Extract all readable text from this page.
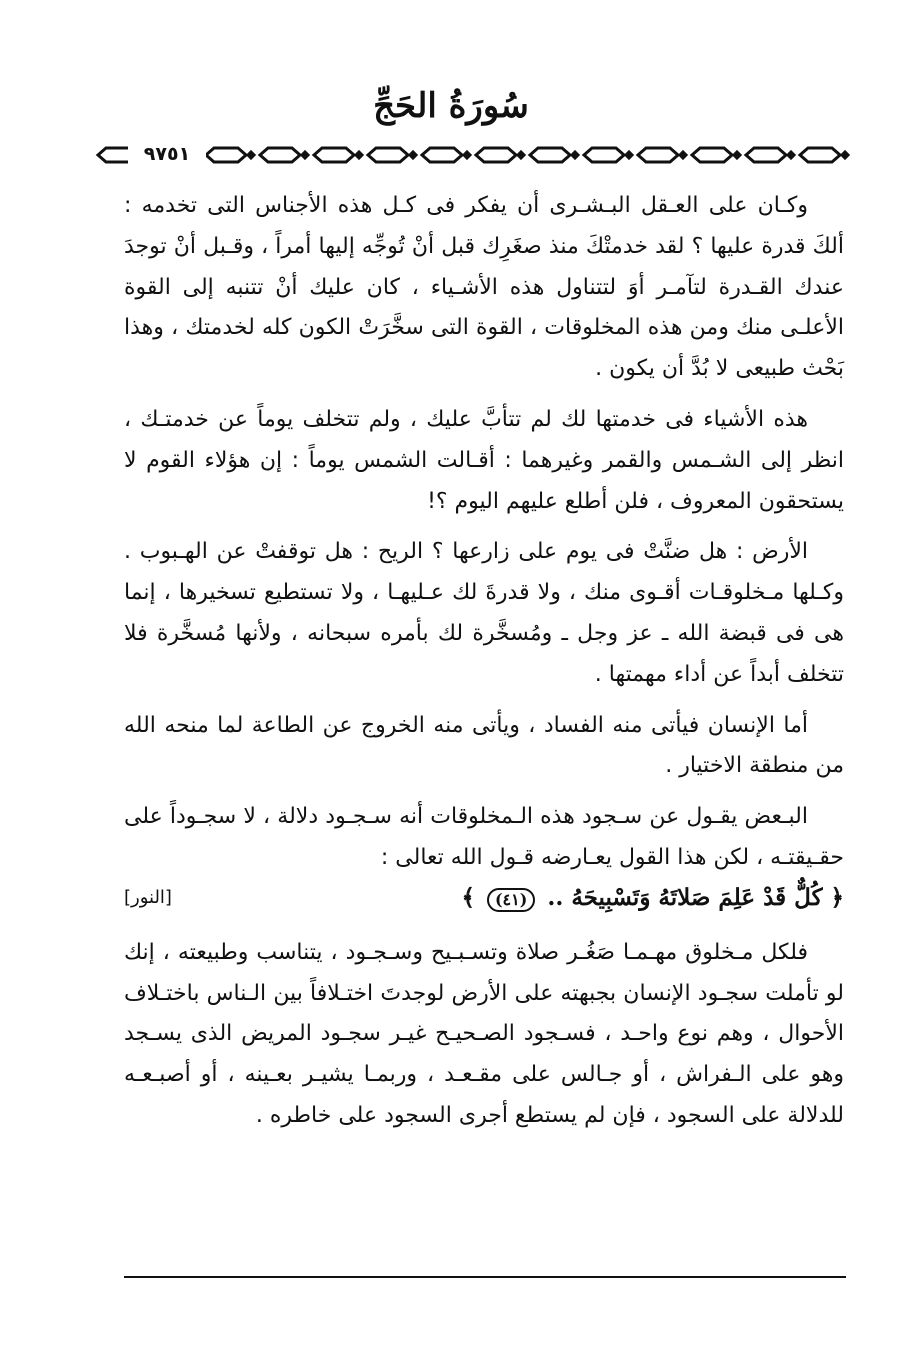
سُورَةُ الحَجِّ
٩٧٥١

وكـان على العـقل البـشـرى أن يفكر فى كـل هذه الأجناس التى تخدمه : ألكَ قدرة عليها ؟ لقد خدمتْكَ منذ صغَرِك قبل أنْ تُوجِّه إليها أمراً ، وقـبل أنْ توجدَ عندك القـدرة لتآمـر أوَ لتتناول هذه الأشـياء ، كان عليك أنْ تتنبه إلى القوة الأعلـى منك ومن هذه المخلوقات ، القوة التى سخَّرَتْ الكون كله لخدمتك ، وهذا بَحْث طبيعى لا بُدَّ أن يكون .

هذه الأشياء فى خدمتها لك لم تتأبَّ عليك ، ولم تتخلف يوماً عن خدمتـك ، انظر إلى الشـمس والقمر وغيرهما : أقـالت الشمس يوماً : إن هؤلاء القوم لا يستحقون المعروف ، فلن أطلع عليهم اليوم ؟!

الأرض : هل ضنَّتْ فى يوم على زارعها ؟ الريح : هل توقفتْ عن الهـبوب . وكـلها مـخلوقـات أقـوى منك ، ولا قدرةَ لك عـليهـا ، ولا تستطيع تسخيرها ، إنما هى فى قبضة الله ـ عز وجل ـ ومُسخَّرة لك بأمره سبحانه ، ولأنها مُسخَّرة فلا تتخلف أبداً عن أداء مهمتها .

أما الإنسان فيأتى منه الفساد ، ويأتى منه الخروج عن الطاعة لما منحه الله من منطقة الاختيار .

البـعض يقـول عن سـجود هذه الـمخلوقات أنه سـجـود دلالة ، لا سجـوداً على حقـيقتـه ، لكن هذا القول يعـارضه قـول الله تعالى :

﴿ كُلٌّ قَدْ عَلِمَ صَلاتَهُ وَتَسْبِيحَهُ .. (٤١) ﴾
[النور]

فلكل مـخلوق مهـمـا صَغُـر صلاة وتسـبـيح وسـجـود ، يتناسب وطبيعته ، إنك لو تأملت سجـود الإنسان بجبهته على الأرض لوجدتَ اختـلافاً بين الـناس باختـلاف الأحوال ، وهم نوع واحـد ، فسـجود الصـحيـح غيـر سجـود المريض الذى يسـجد وهو على الـفراش ، أو جـالس على مقـعـد ، وربمـا يشيـر بعـينه ، أو أصبـعـه للدلالة على السجود ، فإن لم يستطع أجرى السجود على خاطره .
